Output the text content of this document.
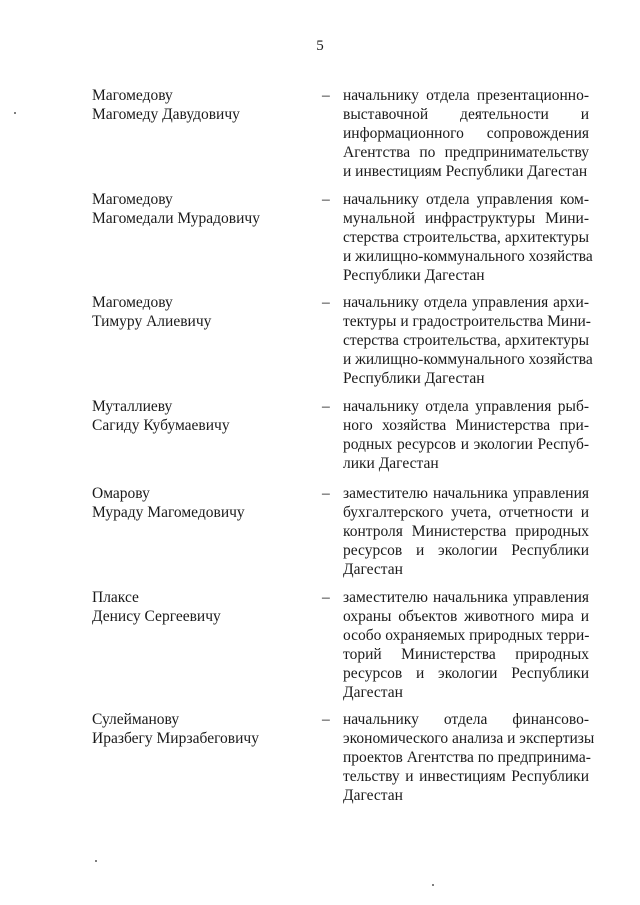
5
Магомедову
Магомеду Давудовичу
– начальнику отдела презентационно-
выставочной деятельности и
информационного сопровождения
Агентства по предпринимательству
и инвестициям Республики Дагестан
Магомедову
Магомедали Мурадовичу
– начальнику отдела управления ком-
мунальной инфраструктуры Мини-
стерства строительства, архитектуры
и жилищно-коммунального хозяйства
Республики Дагестан
Магомедову
Тимуру Алиевичу
– начальнику отдела управления архи-
тектуры и градостроительства Мини-
стерства строительства, архитектуры
и жилищно-коммунального хозяйства
Республики Дагестан
Муталлиеву
Сагиду Кубумаевичу
– начальнику отдела управления рыб-
ного хозяйства Министерства при-
родных ресурсов и экологии Респуб-
лики Дагестан
Омарову
Мураду Магомедовичу
– заместителю начальника управления
бухгалтерского учета, отчетности и
контроля Министерства природных
ресурсов и экологии Республики
Дагестан
Плаксе
Денису Сергеевичу
– заместителю начальника управления
охраны объектов животного мира и
особо охраняемых природных терри-
торий Министерства природных
ресурсов и экологии Республики
Дагестан
Сулейманову
Иразбегу Мирзабеговичу
– начальнику отдела финансово-
экономического анализа и экспертизы
проектов Агентства по предпринима-
тельству и инвестициям Республики
Дагестан
